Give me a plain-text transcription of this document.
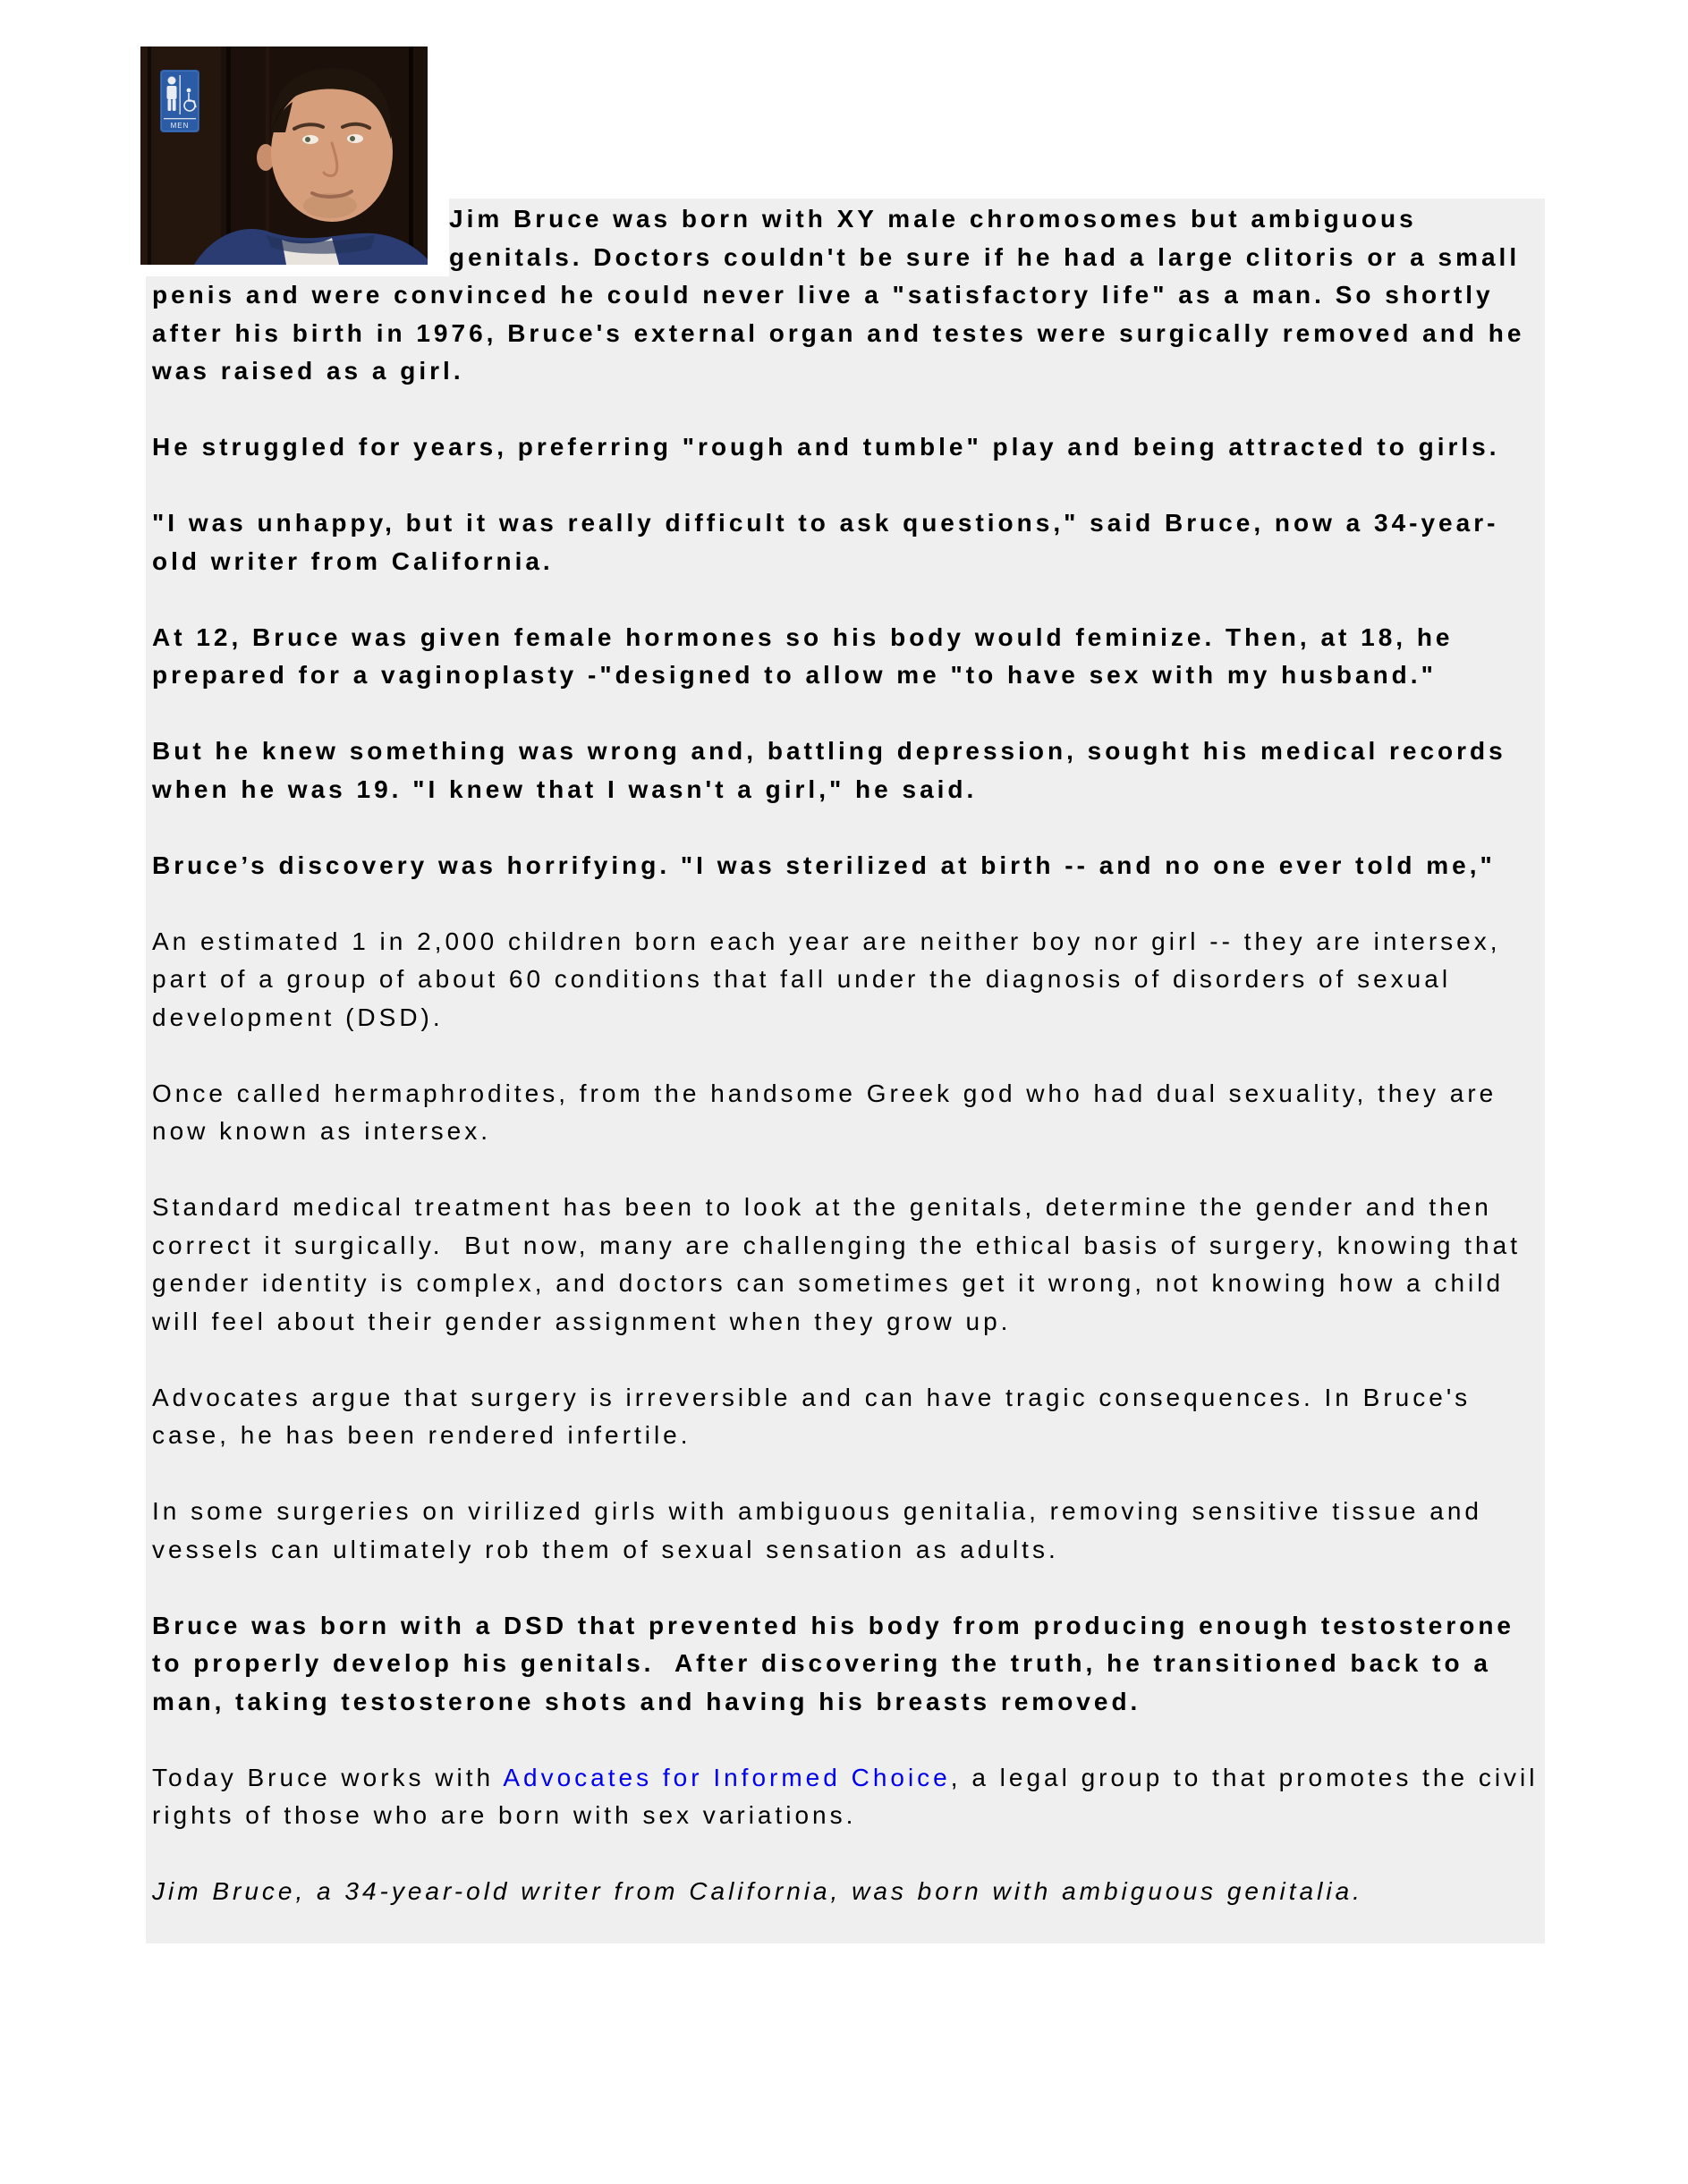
Jim Bruce was born with XY male chromosomes but ambiguous genitals. Doctors couldn't be sure if he had a large clitoris or a small penis and were convinced he could never live a "satisfactory life" as a man. So shortly after his birth in 1976, Bruce's external organ and testes were surgically removed and he was raised as a girl.

He struggled for years, preferring "rough and tumble" play and being attracted to girls.

"I was unhappy, but it was really difficult to ask questions," said Bruce, now a 34-year-old writer from California.

At 12, Bruce was given female hormones so his body would feminize. Then, at 18, he prepared for a vaginoplasty -"designed to allow me "to have sex with my husband."

But he knew something was wrong and, battling depression, sought his medical records when he was 19. "I knew that I wasn't a girl," he said.

Bruce’s discovery was horrifying. "I was sterilized at birth -- and no one ever told me,"

An estimated 1 in 2,000 children born each year are neither boy nor girl -- they are intersex, part of a group of about 60 conditions that fall under the diagnosis of disorders of sexual development (DSD).

Once called hermaphrodites, from the handsome Greek god who had dual sexuality, they are now known as intersex.

Standard medical treatment has been to look at the genitals, determine the gender and then correct it surgically.  But now, many are challenging the ethical basis of surgery, knowing that gender identity is complex, and doctors can sometimes get it wrong, not knowing how a child will feel about their gender assignment when they grow up.

Advocates argue that surgery is irreversible and can have tragic consequences. In Bruce's case, he has been rendered infertile.

In some surgeries on virilized girls with ambiguous genitalia, removing sensitive tissue and vessels can ultimately rob them of sexual sensation as adults.

Bruce was born with a DSD that prevented his body from producing enough testosterone to properly develop his genitals.  After discovering the truth, he transitioned back to a man, taking testosterone shots and having his breasts removed.

Today Bruce works with Advocates for Informed Choice, a legal group to that promotes the civil rights of those who are born with sex variations.

Jim Bruce, a 34-year-old writer from California, was born with ambiguous genitalia.

MEN
